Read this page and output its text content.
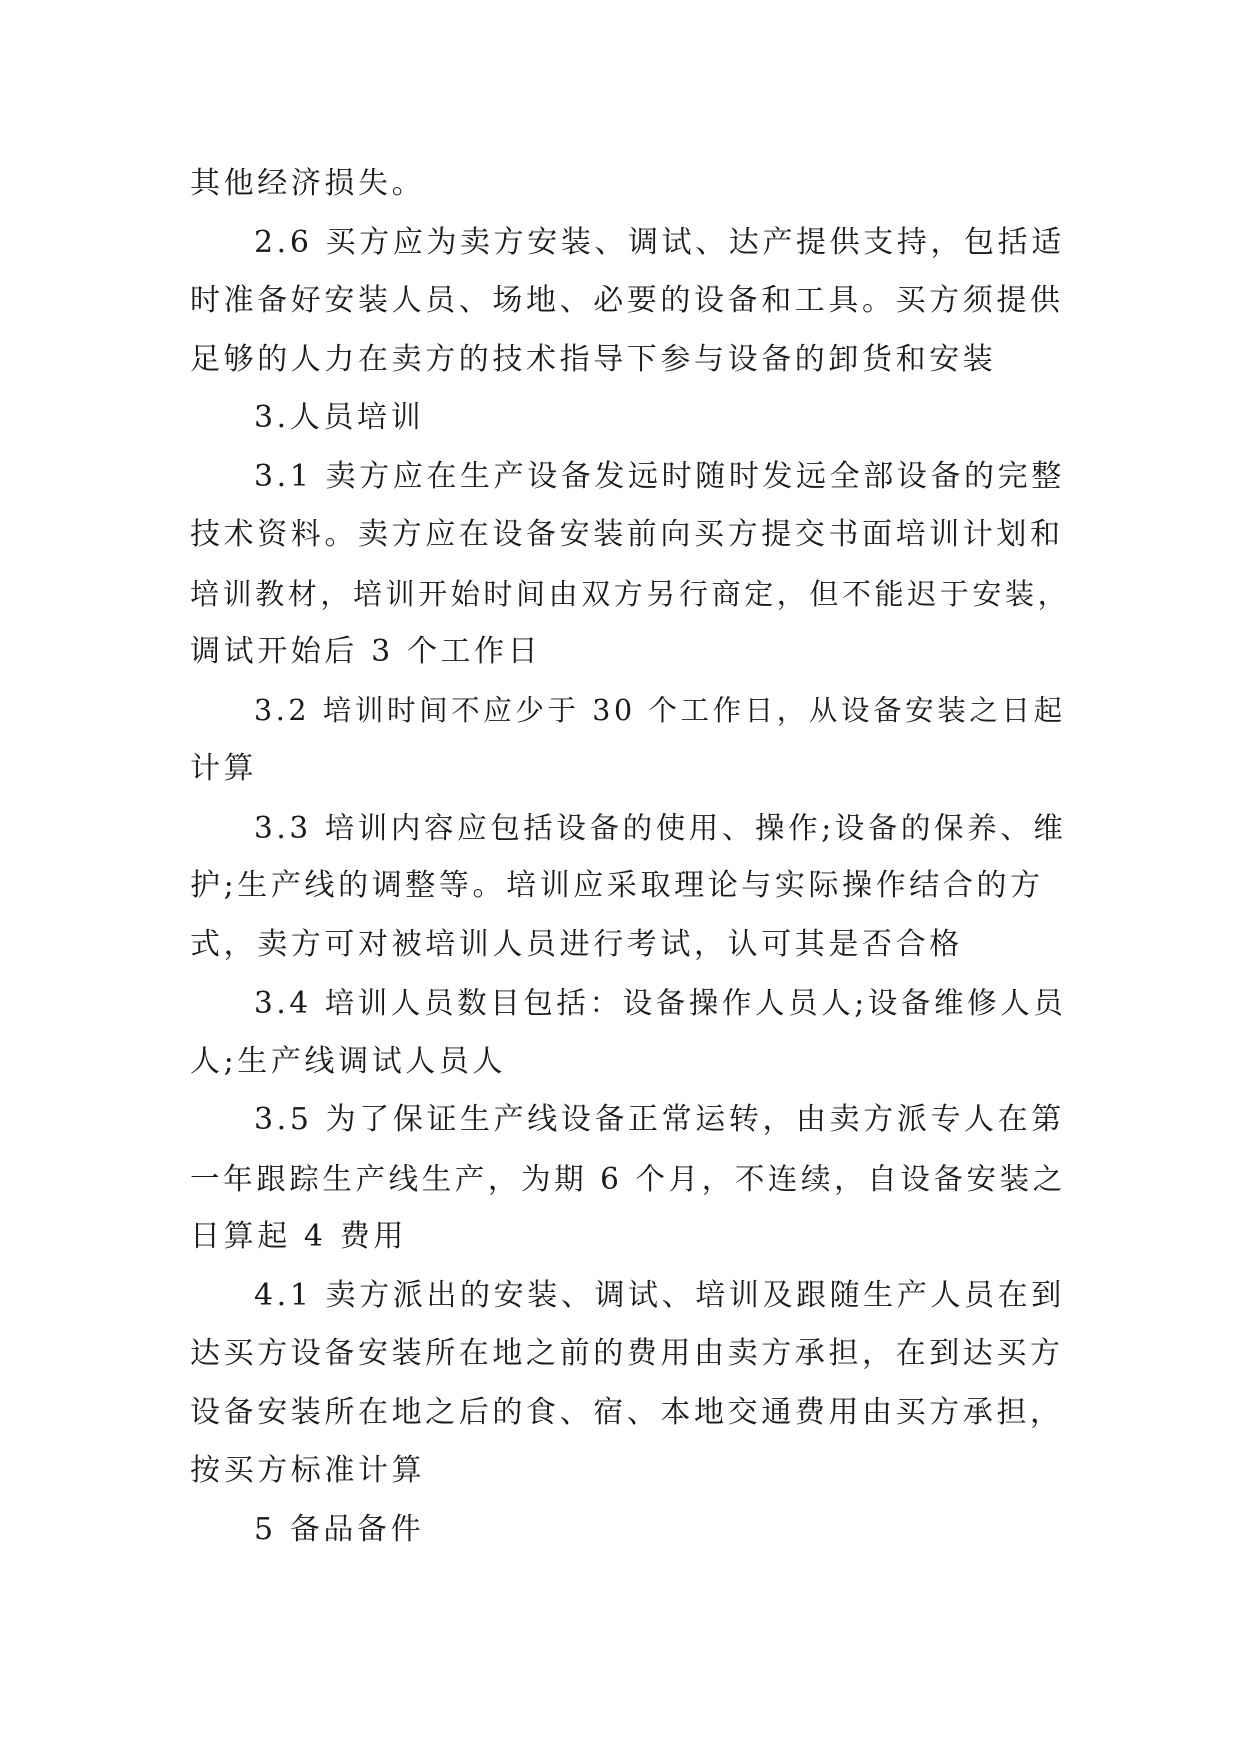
其他经济损失。
2.6 买方应为卖方安装、调试、达产提供支持，包括适
时准备好安装人员、场地、必要的设备和工具。买方须提供
足够的人力在卖方的技术指导下参与设备的卸货和安装
3.人员培训
3.1 卖方应在生产设备发远时随时发远全部设备的完整
技术资料。卖方应在设备安装前向买方提交书面培训计划和
培训教材，培训开始时间由双方另行商定，但不能迟于安装，
调试开始后 3 个工作日
3.2 培训时间不应少于 30 个工作日，从设备安装之日起
计算
3.3 培训内容应包括设备的使用、操作;设备的保养、维
护;生产线的调整等。培训应采取理论与实际操作结合的方
式，卖方可对被培训人员进行考试，认可其是否合格
3.4 培训人员数目包括：设备操作人员人;设备维修人员
人;生产线调试人员人
3.5 为了保证生产线设备正常运转，由卖方派专人在第
一年跟踪生产线生产，为期 6 个月，不连续，自设备安装之
日算起 4 费用
4.1 卖方派出的安装、调试、培训及跟随生产人员在到
达买方设备安装所在地之前的费用由卖方承担，在到达买方
设备安装所在地之后的食、宿、本地交通费用由买方承担，
按买方标准计算
5 备品备件
